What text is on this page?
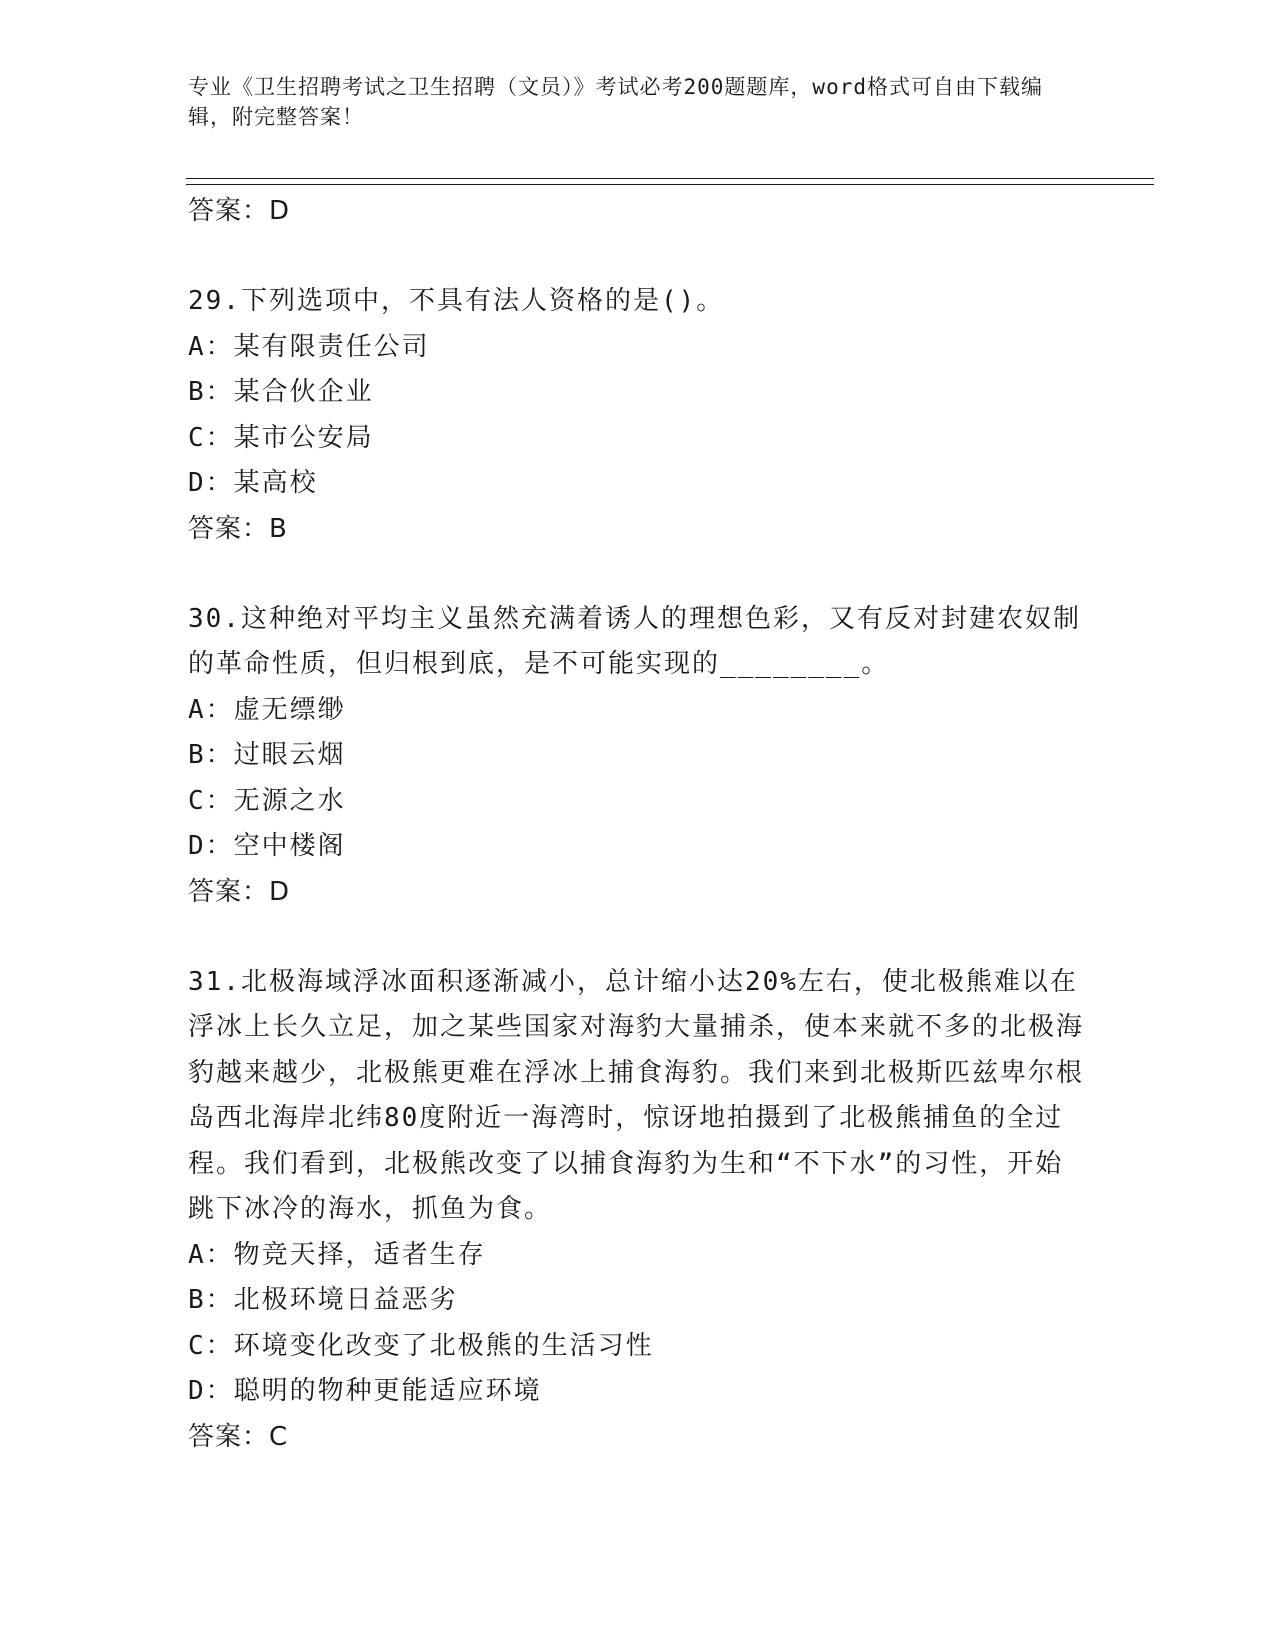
专业《卫生招聘考试之卫生招聘（文员）》考试必考200题题库，word格式可自由下载编辑，附完整答案！
答案：D

29.下列选项中，不具有法人资格的是()。

A：某有限责任公司

B：某合伙企业

C：某市公安局

D：某高校

答案：B

30.这种绝对平均主义虽然充满着诱人的理想色彩，又有反对封建农奴制的革命性质，但归根到底，是不可能实现的________。

A：虚无缥缈

B：过眼云烟

C：无源之水

D：空中楼阁

答案：D

31.北极海域浮冰面积逐渐减小，总计缩小达20%左右，使北极熊难以在浮冰上长久立足，加之某些国家对海豹大量捕杀，使本来就不多的北极海豹越来越少，北极熊更难在浮冰上捕食海豹。我们来到北极斯匹兹卑尔根岛西北海岸北纬80度附近一海湾时，惊讶地拍摄到了北极熊捕鱼的全过程。我们看到，北极熊改变了以捕食海豹为生和“不下水”的习性，开始跳下冰冷的海水，抓鱼为食。

A：物竞天择，适者生存

B：北极环境日益恶劣

C：环境变化改变了北极熊的生活习性

D：聪明的物种更能适应环境

答案：C
